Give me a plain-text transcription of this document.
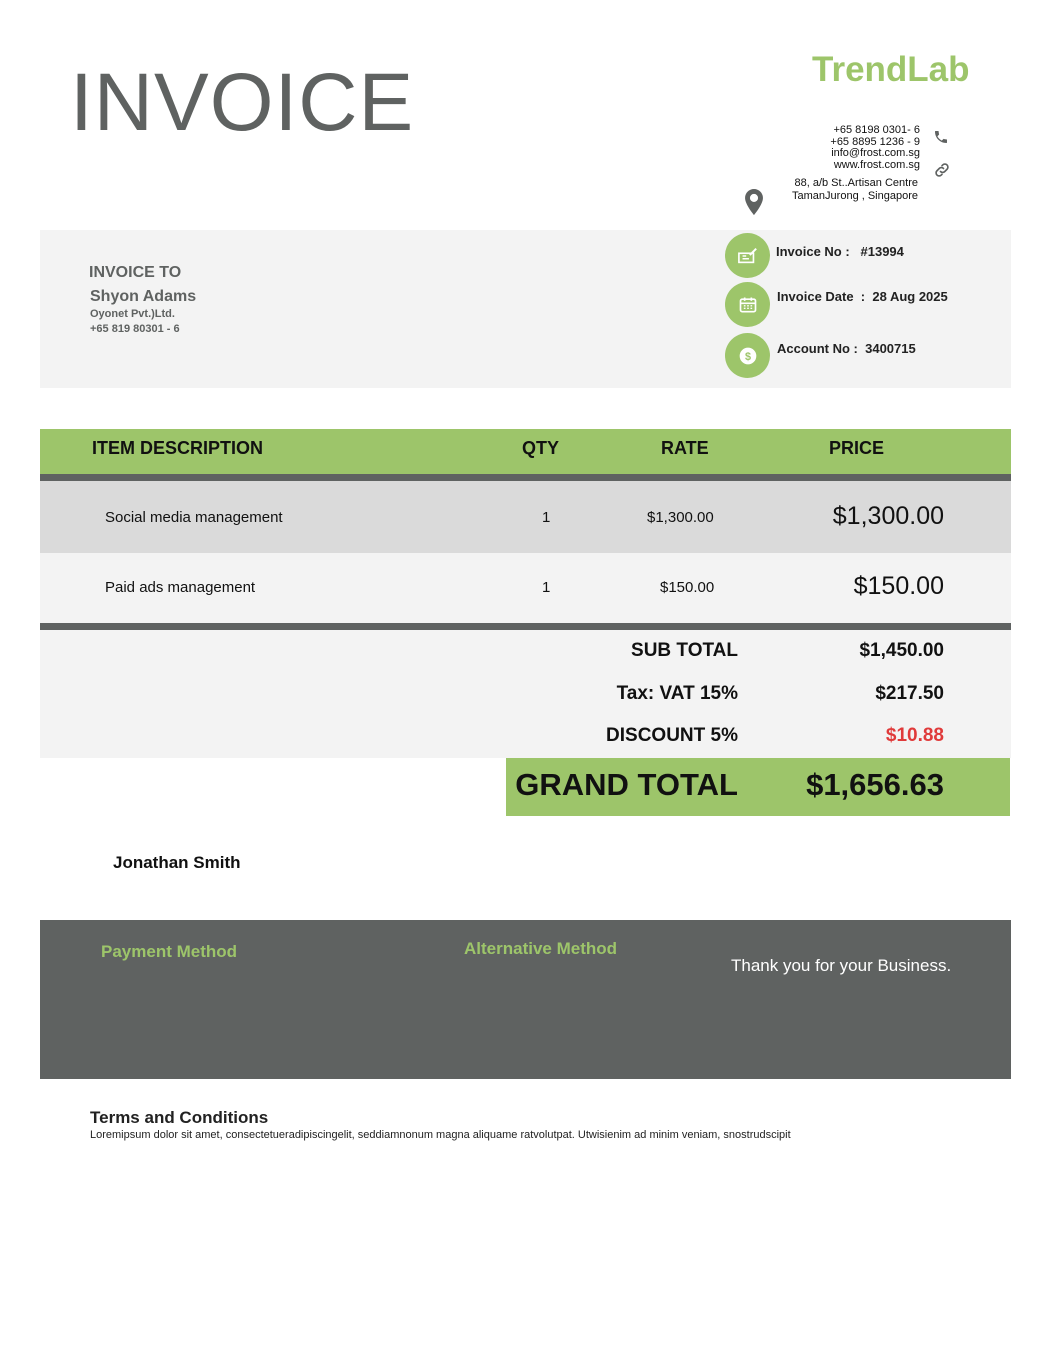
INVOICE	TrendLab
+65 8198 0301- 6
+65 8895 1236 - 9
info@frost.com.sg
www.frost.com.sg
88, a/b St..Artisan Centre
TamanJurong , Singapore
INVOICE TO
Shyon Adams
Oyonet Pvt.)Ltd.
+65 819 80301 - 6
$
Invoice No :   #13994
Invoice Date  :  28 Aug 2025
Account No :  3400715
ITEM DESCRIPTION	QTY	RATE	PRICE
Social media management	1	$1,300.00	$1,300.00
Paid ads management	1	$150.00	$150.00
SUB TOTAL	$1,450.00
Tax: VAT 15%	$217.50
DISCOUNT 5%	$10.88
GRAND TOTAL $1,656.63
Jonathan Smith
Payment Method	Alternative Method
Thank you for your Business.
Terms and Conditions
Loremipsum dolor sit amet, consectetueradipiscingelit, seddiamnonum magna aliquame ratvolutpat. Utwisienim ad minim veniam, snostrudscipit
